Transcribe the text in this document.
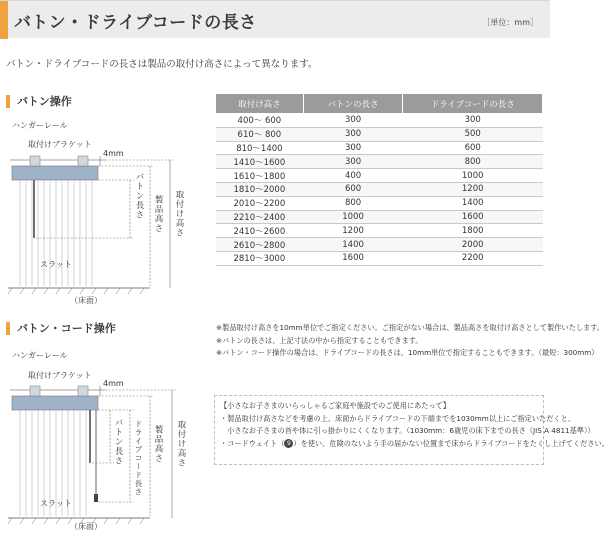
バトン・ドライブコードの長さ	［単位：mm］
バトン・ドライブコードの長さは製品の取付け高さによって異なります。
バトン操作
ハンガーレール
取付けブラケット
4mm
スラット
（床面）
バトン長さ 製品高さ 取付け高さ
バトン・コード操作
ハンガーレール
取付けブラケット
4mm
スラット
（床面）
バトン長さ ドライブコード長さ 製品高さ 取付け高さ
取付け高さ	バトンの長さ	ドライブコードの長さ
400～ 600	300	300
610～ 800	300	500
810～1400	300	600
1410～1600	300	800
1610～1800	400	1000
1810～2000	600	1200
2010～2200	800	1400
2210～2400	1000	1600
2410～2600	1200	1800
2610～2800	1400	2000
2810～3000	1600	2200

※製品取付け高さを10mm単位でご指定ください。ご指定がない場合は、製品高さを取付け高さとして製作いたします。

※バトンの長さは、上記寸法の中から指定することもできます。

※バトン・コード操作の場合は、ドライブコードの長さは、10mm単位で指定することもできます。（最短：300mm）

【小さなお子さまのいらっしゃるご家庭や施設でのご使用にあたって】

・製品取付け高さなどを考慮の上、床面からドライブコードの下端までを1030mm以上にご指定いただくと、

　小さなお子さまの首や体に引っ掛かりにくくなります。（1030mm：6歳児の床下までの長さ（JIS A 4811基準））

・コードウェイト（ 9 ）を使い、危険のないよう手の届かない位置まで床からドライブコードをたくし上げてください。
